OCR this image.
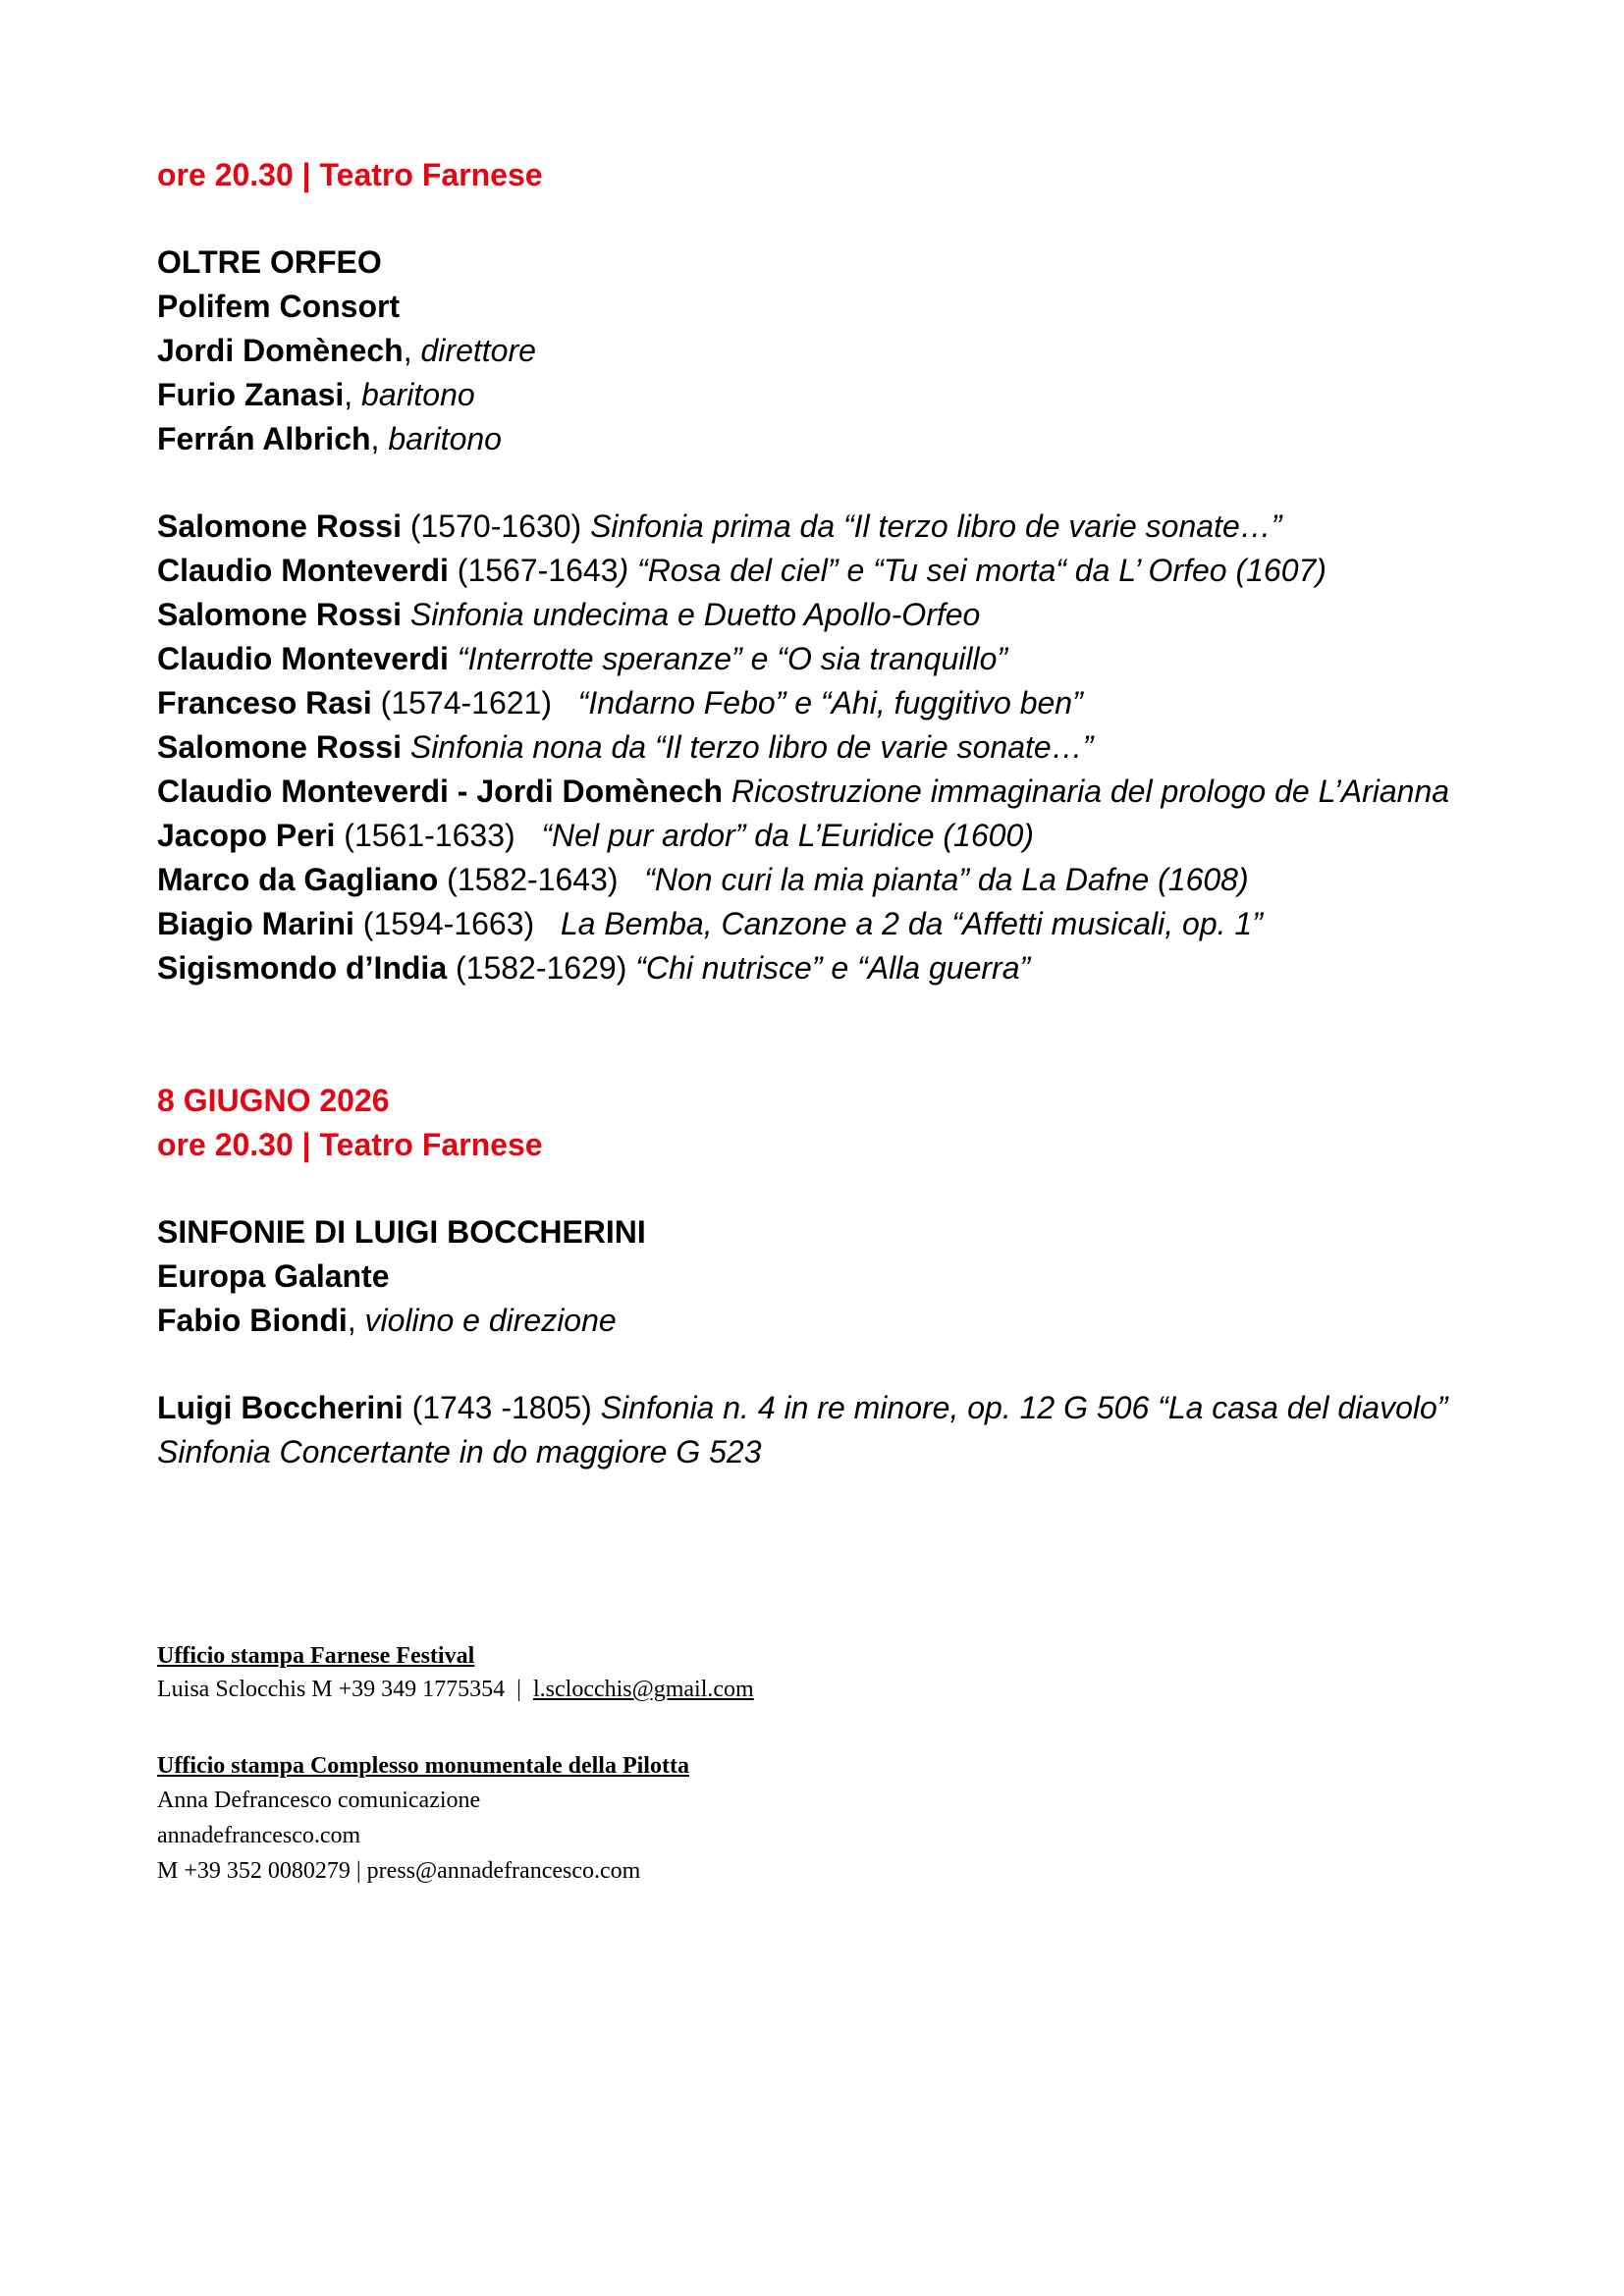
ore 20.30 | Teatro Farnese
OLTRE ORFEO
Polifem Consort
Jordi Domènech, direttore
Furio Zanasi, baritono
Ferrán Albrich, baritono
Salomone Rossi (1570-1630) Sinfonia prima da “Il terzo libro de varie sonate…”
Claudio Monteverdi (1567-1643) “Rosa del ciel” e “Tu sei morta“ da L’ Orfeo (1607)
Salomone Rossi Sinfonia undecima e Duetto Apollo-Orfeo
Claudio Monteverdi “Interrotte speranze” e “O sia tranquillo”
Franceso Rasi (1574-1621)   “Indarno Febo” e “Ahi, fuggitivo ben”
Salomone Rossi Sinfonia nona da “Il terzo libro de varie sonate…”
Claudio Monteverdi - Jordi Domènech Ricostruzione immaginaria del prologo de L’Arianna
Jacopo Peri (1561-1633)   “Nel pur ardor” da L’Euridice (1600)
Marco da Gagliano (1582-1643)   “Non curi la mia pianta” da La Dafne (1608)
Biagio Marini (1594-1663)   La Bemba, Canzone a 2 da “Affetti musicali, op. 1”
Sigismondo d’India (1582-1629) “Chi nutrisce” e “Alla guerra”
8 GIUGNO 2026
ore 20.30 | Teatro Farnese
SINFONIE DI LUIGI BOCCHERINI
Europa Galante
Fabio Biondi, violino e direzione
Luigi Boccherini (1743 -1805) Sinfonia n. 4 in re minore, op. 12 G 506 “La casa del diavolo”
Sinfonia Concertante in do maggiore G 523
Ufficio stampa Farnese Festival
Luisa Sclocchis M +39 349 1775354  |  l.sclocchis@gmail.com
Ufficio stampa Complesso monumentale della Pilotta
Anna Defrancesco comunicazione
annadefrancesco.com
M +39 352 0080279 | press@annadefrancesco.com
